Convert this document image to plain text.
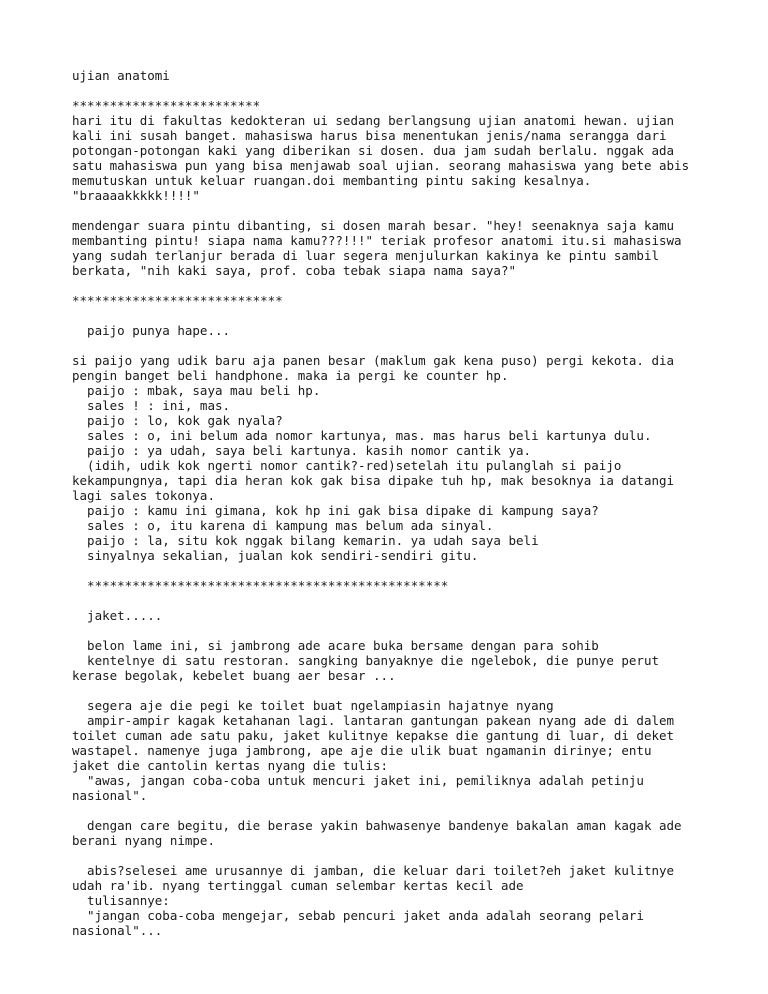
ujian anatomi
*************************
hari itu di fakultas kedokteran ui sedang berlangsung ujian anatomi hewan. ujian
kali ini susah banget. mahasiswa harus bisa menentukan jenis/nama serangga dari
potongan-potongan kaki yang diberikan si dosen. dua jam sudah berlalu. nggak ada
satu mahasiswa pun yang bisa menjawab soal ujian. seorang mahasiswa yang bete abis
memutuskan untuk keluar ruangan.doi membanting pintu saking kesalnya.
"braaaakkkkk!!!!"
mendengar suara pintu dibanting, si dosen marah besar. "hey! seenaknya saja kamu
membanting pintu! siapa nama kamu???!!!" teriak profesor anatomi itu.si mahasiswa
yang sudah terlanjur berada di luar segera menjulurkan kakinya ke pintu sambil
berkata, "nih kaki saya, prof. coba tebak siapa nama saya?"
****************************
paijo punya hape...
si paijo yang udik baru aja panen besar (maklum gak kena puso) pergi kekota. dia
pengin banget beli handphone. maka ia pergi ke counter hp.
paijo : mbak, saya mau beli hp.
sales ! : ini, mas.
paijo : lo, kok gak nyala?
sales : o, ini belum ada nomor kartunya, mas. mas harus beli kartunya dulu.
paijo : ya udah, saya beli kartunya. kasih nomor cantik ya.
(idih, udik kok ngerti nomor cantik?-red)setelah itu pulanglah si paijo
kekampungnya, tapi dia heran kok gak bisa dipake tuh hp, mak besoknya ia datangi
lagi sales tokonya.
paijo : kamu ini gimana, kok hp ini gak bisa dipake di kampung saya?
sales : o, itu karena di kampung mas belum ada sinyal.
paijo : la, situ kok nggak bilang kemarin. ya udah saya beli
sinyalnya sekalian, jualan kok sendiri-sendiri gitu.
************************************************
jaket.....
belon lame ini, si jambrong ade acare buka bersame dengan para sohib
kentelnye di satu restoran. sangking banyaknye die ngelebok, die punye perut
kerase begolak, kebelet buang aer besar ...
segera aje die pegi ke toilet buat ngelampiasin hajatnye nyang
ampir-ampir kagak ketahanan lagi. lantaran gantungan pakean nyang ade di dalem
toilet cuman ade satu paku, jaket kulitnye kepakse die gantung di luar, di deket
wastapel. namenye juga jambrong, ape aje die ulik buat ngamanin dirinye; entu
jaket die cantolin kertas nyang die tulis:
"awas, jangan coba-coba untuk mencuri jaket ini, pemiliknya adalah petinju
nasional".
dengan care begitu, die berase yakin bahwasenye bandenye bakalan aman kagak ade
berani nyang nimpe.
abis?selesei ame urusannye di jamban, die keluar dari toilet?eh jaket kulitnye
udah ra'ib. nyang tertinggal cuman selembar kertas kecil ade
tulisannye:
"jangan coba-coba mengejar, sebab pencuri jaket anda adalah seorang pelari
nasional"...
